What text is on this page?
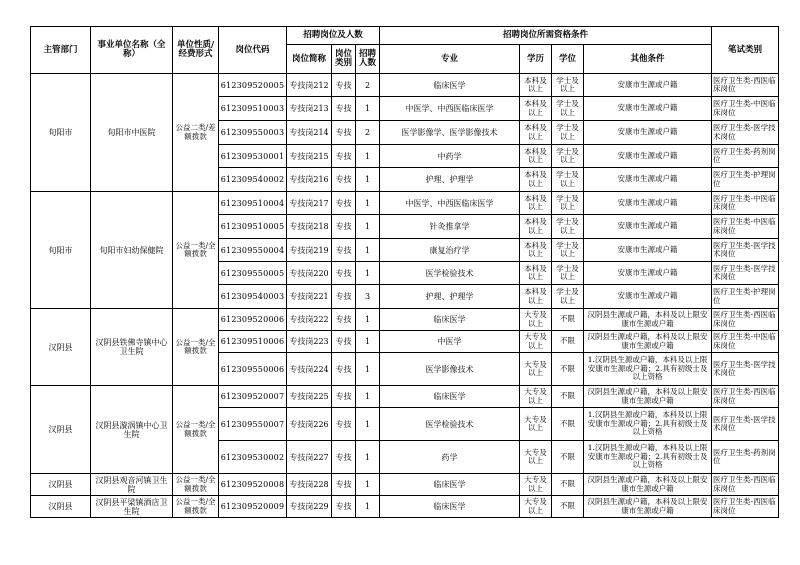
主管部门	事业单位名称（全称）	单位性质/经费形式	岗位代码	招聘岗位及人数			招聘岗位所需资格条件				笔试类别
				岗位简称	岗位类别	招聘人数	专业	学历	学位	其他条件	
旬阳市	旬阳市中医院	公益二类/差额拨款	612309520005	专技岗212	专技	2	临床医学	本科及以上	学士及以上	安康市生源或户籍	医疗卫生类-西医临床岗位
			612309510003	专技岗213	专技	1	中医学、中西医临床医学	本科及以上	学士及以上	安康市生源或户籍	医疗卫生类-中医临床岗位
			612309550003	专技岗214	专技	2	医学影像学、医学影像技术	本科及以上	学士及以上	安康市生源或户籍	医疗卫生类-医学技术岗位
			612309530001	专技岗215	专技	1	中药学	本科及以上	学士及以上	安康市生源或户籍	医疗卫生类-药剂岗位
			612309540002	专技岗216	专技	1	护理、护理学	本科及以上	学士及以上	安康市生源或户籍	医疗卫生类-护理岗位
旬阳市	旬阳市妇幼保健院	公益一类/全额拨款	612309510004	专技岗217	专技	1	中医学、中西医临床医学	本科及以上	学士及以上	安康市生源或户籍	医疗卫生类-中医临床岗位
			612309510005	专技岗218	专技	1	针灸推拿学	本科及以上	学士及以上	安康市生源或户籍	医疗卫生类-中医临床岗位
			612309550004	专技岗219	专技	1	康复治疗学	本科及以上	学士及以上	安康市生源或户籍	医疗卫生类-医学技术岗位
			612309550005	专技岗220	专技	1	医学检验技术	本科及以上	学士及以上	安康市生源或户籍	医疗卫生类-医学技术岗位
			612309540003	专技岗221	专技	3	护理、护理学	本科及以上	学士及以上	安康市生源或户籍	医疗卫生类-护理岗位
汉阴县	汉阴县铁佛寺镇中心卫生院	公益一类/全额拨款	612309520006	专技岗222	专技	1	临床医学	大专及以上	不限	汉阴县生源或户籍，本科及以上限安康市生源或户籍	医疗卫生类-西医临床岗位
			612309510006	专技岗223	专技	1	中医学	大专及以上	不限	汉阴县生源或户籍，本科及以上限安康市生源或户籍	医疗卫生类-中医临床岗位
			612309550006	专技岗224	专技	1	医学影像技术	大专及以上	不限	1.汉阴县生源或户籍，本科及以上限安康市生源或户籍；2.具有初级士及以上资格	医疗卫生类-医学技术岗位
汉阴县	汉阴县漩涡镇中心卫生院	公益一类/全额拨款	612309520007	专技岗225	专技	1	临床医学	大专及以上	不限	汉阴县生源或户籍，本科及以上限安康市生源或户籍	医疗卫生类-西医临床岗位
			612309550007	专技岗226	专技	1	医学检验技术	大专及以上	不限	1.汉阴县生源或户籍，本科及以上限安康市生源或户籍；2.具有初级士及以上资格	医疗卫生类-医学技术岗位
			612309530002	专技岗227	专技	1	药学	大专及以上	不限	1.汉阴县生源或户籍，本科及以上限安康市生源或户籍；2.具有初级士及以上资格	医疗卫生类-药剂岗位
汉阴县	汉阴县观音河镇卫生院	公益一类/全额拨款	612309520008	专技岗228	专技	1	临床医学	大专及以上	不限	汉阴县生源或户籍，本科及以上限安康市生源或户籍	医疗卫生类-西医临床岗位
汉阴县	汉阴县平梁镇酒店卫生院	公益一类/全额拨款	612309520009	专技岗229	专技	1	临床医学	大专及以上	不限	汉阴县生源或户籍，本科及以上限安康市生源或户籍	医疗卫生类-西医临床岗位
